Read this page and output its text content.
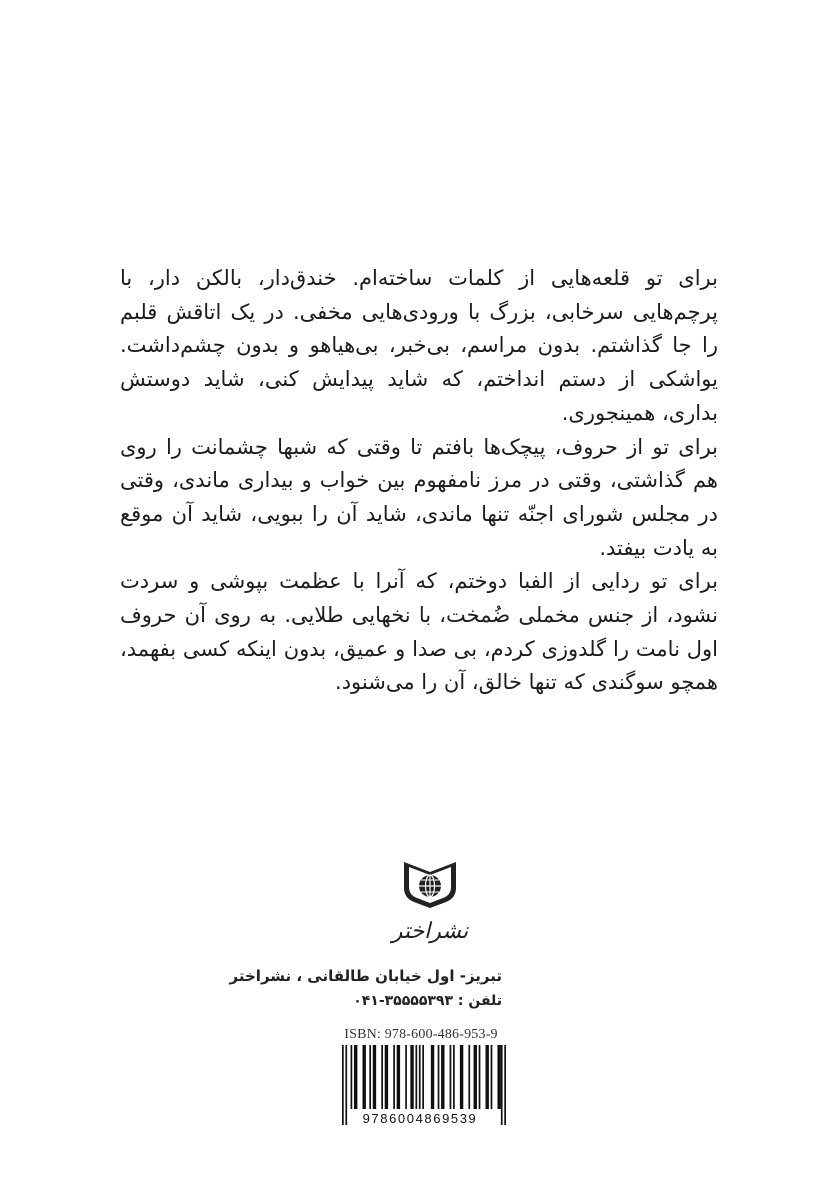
برای تو قلعه‌هایی از کلمات ساخته‌ام. خندق‌دار، بالکن دار، با پرچم‌هایی سرخابی، بزرگ با ورودی‌هایی مخفی. در یک اتاقش قلبم را جا گذاشتم. بدون مراسم، بی‌خبر، بی‌هیاهو و بدون چشم‌داشت. یواشکی از دستم انداختم، که شاید پیدایش کنی، شاید دوستش بداری، همینجوری.

برای تو از حروف، پیچک‌ها بافتم تا وقتی که شبها چشمانت را روی هم گذاشتی، وقتی در مرز نامفهوم بین خواب و بیداری ماندی، وقتی در مجلس شورای اجنّه تنها ماندی، شاید آن را ببویی، شاید آن موقع به یادت بیفتد.

برای تو ردایی از الفبا دوختم، که آنرا با عظمت بپوشی و سردت نشود، از جنس مخملی ضُمخت، با نخهایی طلایی. به روی آن حروف اول نامت را گلدوزی کردم، بی صدا و عمیق، بدون اینکه کسی بفهمد، همچو سوگندی که تنها خالق، آن را می‌شنود.

نشراختر
تبریز- اول خیابان طالقانی ، نشراختر
تلفن : ۳۵۵۵۵۳۹۳-۰۴۱
ISBN: 978-600-486-953-9
9786004869539
